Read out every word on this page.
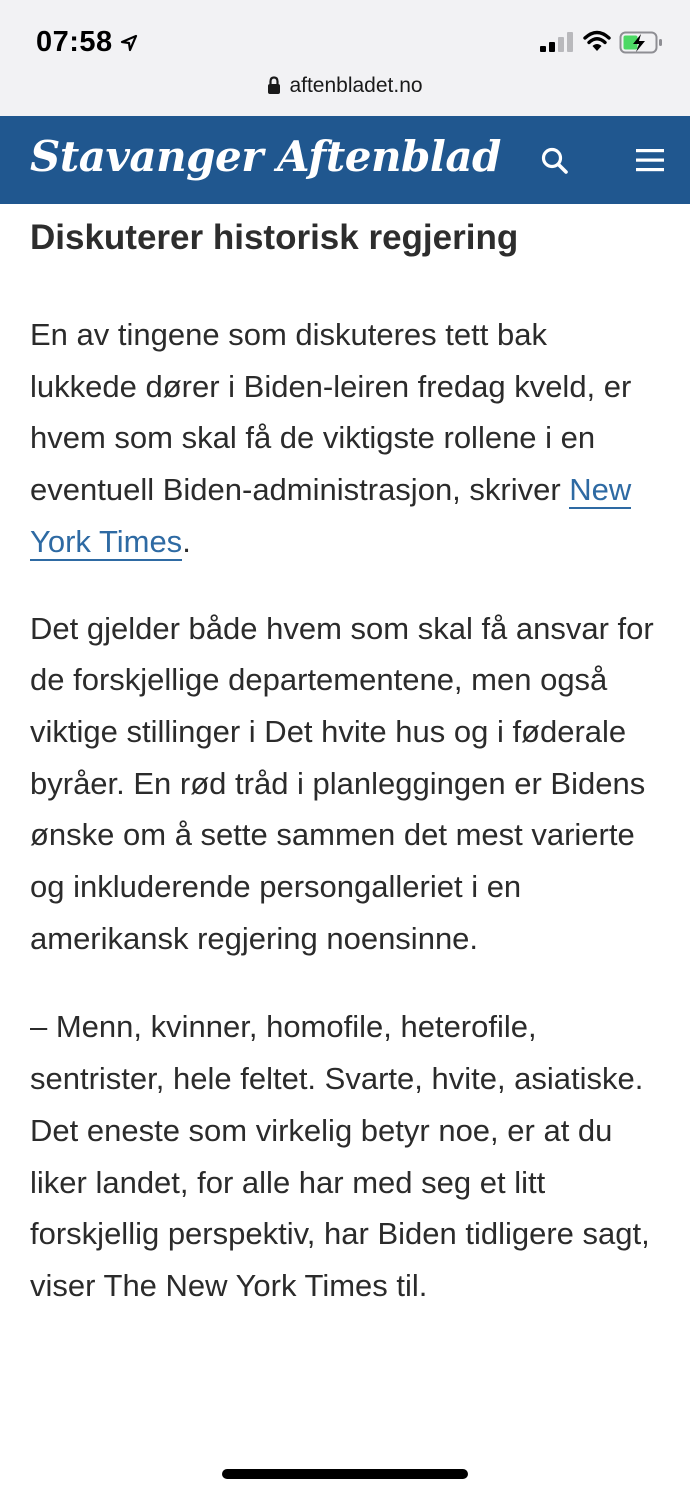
07:58
aftenbladet.no
Stavanger Aftenblad
Diskuterer historisk regjering

En av tingene som diskuteres tett bak lukkede dører i Biden-leiren fredag kveld, er hvem som skal få de viktigste rollene i en eventuell Biden-administrasjon, skriver New York Times.

Det gjelder både hvem som skal få ansvar for de forskjellige departementene, men også viktige stillinger i Det hvite hus og i føderale byråer. En rød tråd i planleggingen er Bidens ønske om å sette sammen det mest varierte og inkluderende persongalleriet i en amerikansk regjering noensinne.

– Menn, kvinner, homofile, heterofile, sentrister, hele feltet. Svarte, hvite, asiatiske. Det eneste som virkelig betyr noe, er at du liker landet, for alle har med seg et litt forskjellig perspektiv, har Biden tidligere sagt, viser The New York Times til.
